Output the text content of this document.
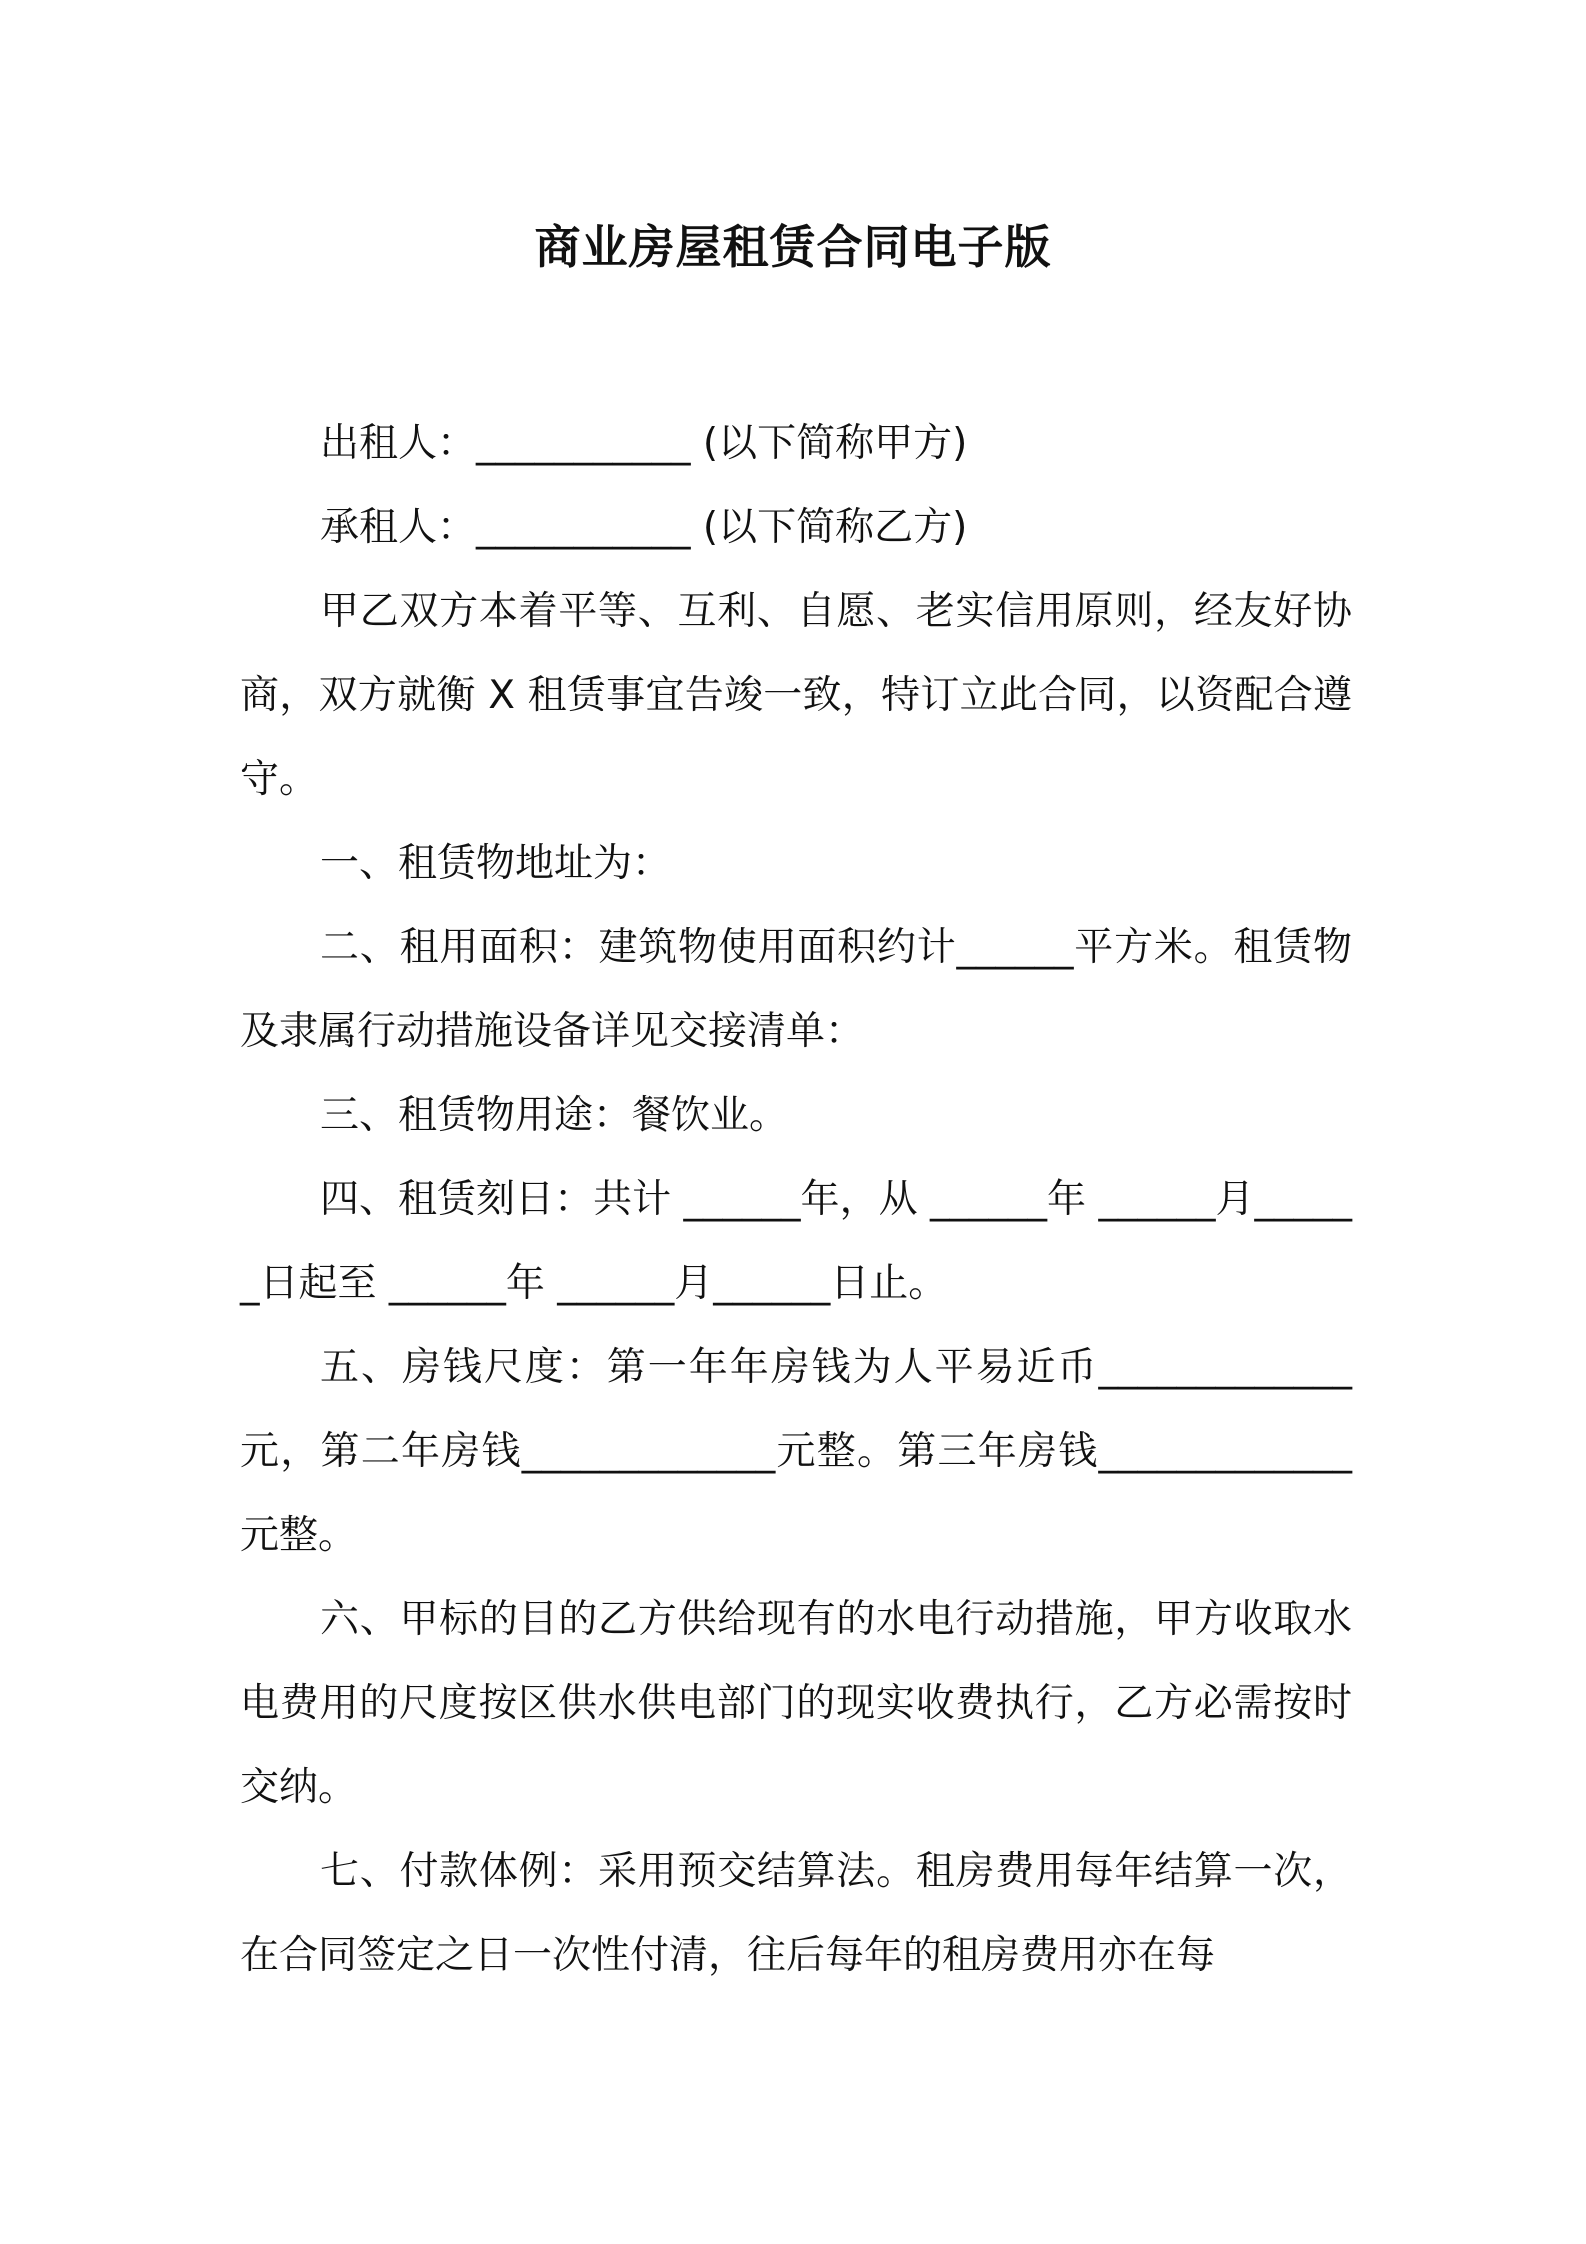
商业房屋租赁合同电子版

出租人：___________ (以下简称甲方)

承租人：___________ (以下简称乙方)

甲乙双方本着平等、互利、自愿、老实信用原则，经友好协商，双方就衡 X 租赁事宜告竣一致，特订立此合同，以资配合遵守。

一、租赁物地址为：

二、租用面积：建筑物使用面积约计______平方米。租赁物及隶属行动措施设备详见交接清单：

三、租赁物用途：餐饮业。

四、租赁刻日：共计 ______年，从 ______年 ______月______日起至 ______年 ______月______日止。

五、房钱尺度：第一年年房钱为人平易近币_____________元，第二年房钱_____________元整。第三年房钱_____________元整。

六、甲标的目的乙方供给现有的水电行动措施，甲方收取水电费用的尺度按区供水供电部门的现实收费执行，乙方必需按时交纳。

七、付款体例：采用预交结算法。租房费用每年结算一次，在合同签定之日一次性付清，往后每年的租房费用亦在每
